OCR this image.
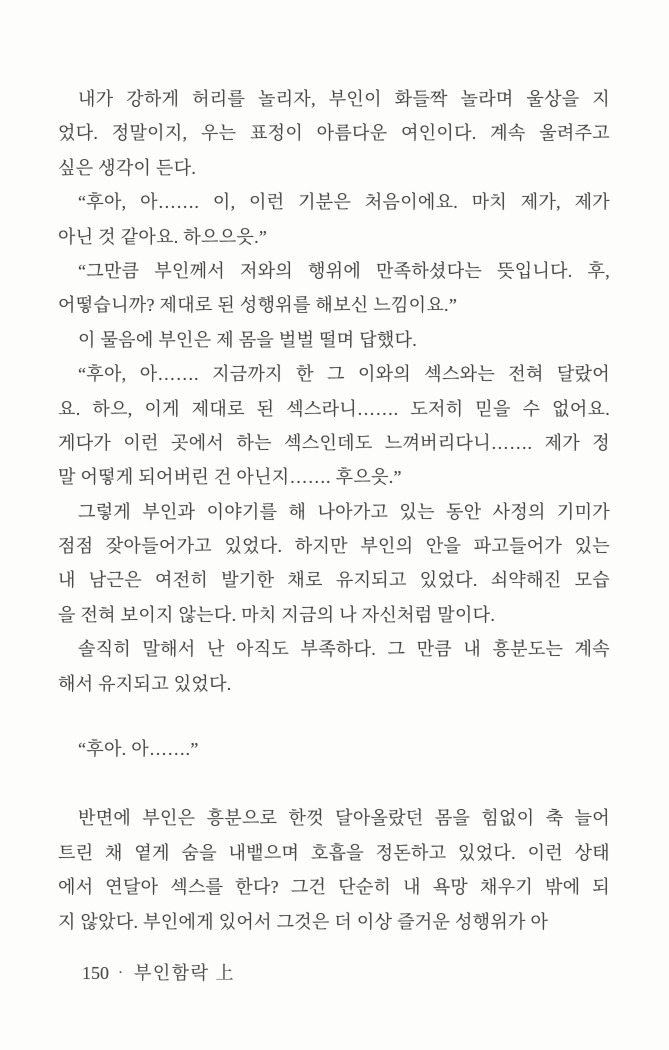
내가 강하게 허리를 놀리자, 부인이 화들짝 놀라며 울상을 지
었다. 정말이지, 우는 표정이 아름다운 여인이다. 계속 울려주고
싶은 생각이 든다.

“후아, 아……. 이, 이런 기분은 처음이에요. 마치 제가, 제가
아닌 것 같아요. 하으으읏.”

“그만큼 부인께서 저와의 행위에 만족하셨다는 뜻입니다. 후,
어떻습니까? 제대로 된 성행위를 해보신 느낌이요.”

이 물음에 부인은 제 몸을 벌벌 떨며 답했다.

“후아, 아……. 지금까지 한 그 이와의 섹스와는 전혀 달랐어
요. 하으, 이게 제대로 된 섹스라니……. 도저히 믿을 수 없어요.
게다가 이런 곳에서 하는 섹스인데도 느껴버리다니……. 제가 정
말 어떻게 되어버린 건 아닌지……. 후으읏.”

그렇게 부인과 이야기를 해 나아가고 있는 동안 사정의 기미가
점점 잦아들어가고 있었다. 하지만 부인의 안을 파고들어가 있는
내 남근은 여전히 발기한 채로 유지되고 있었다. 쇠약해진 모습
을 전혀 보이지 않는다. 마치 지금의 나 자신처럼 말이다.

솔직히 말해서 난 아직도 부족하다. 그 만큼 내 흥분도는 계속
해서 유지되고 있었다.

“후아. 아…….”

반면에 부인은 흥분으로 한껏 달아올랐던 몸을 힘없이 축 늘어
트린 채 옅게 숨을 내뱉으며 호흡을 정돈하고 있었다. 이런 상태
에서 연달아 섹스를 한다? 그건 단순히 내 욕망 채우기 밖에 되
지 않았다. 부인에게 있어서 그것은 더 이상 즐거운 성행위가 아

150 · 부인함락 上
